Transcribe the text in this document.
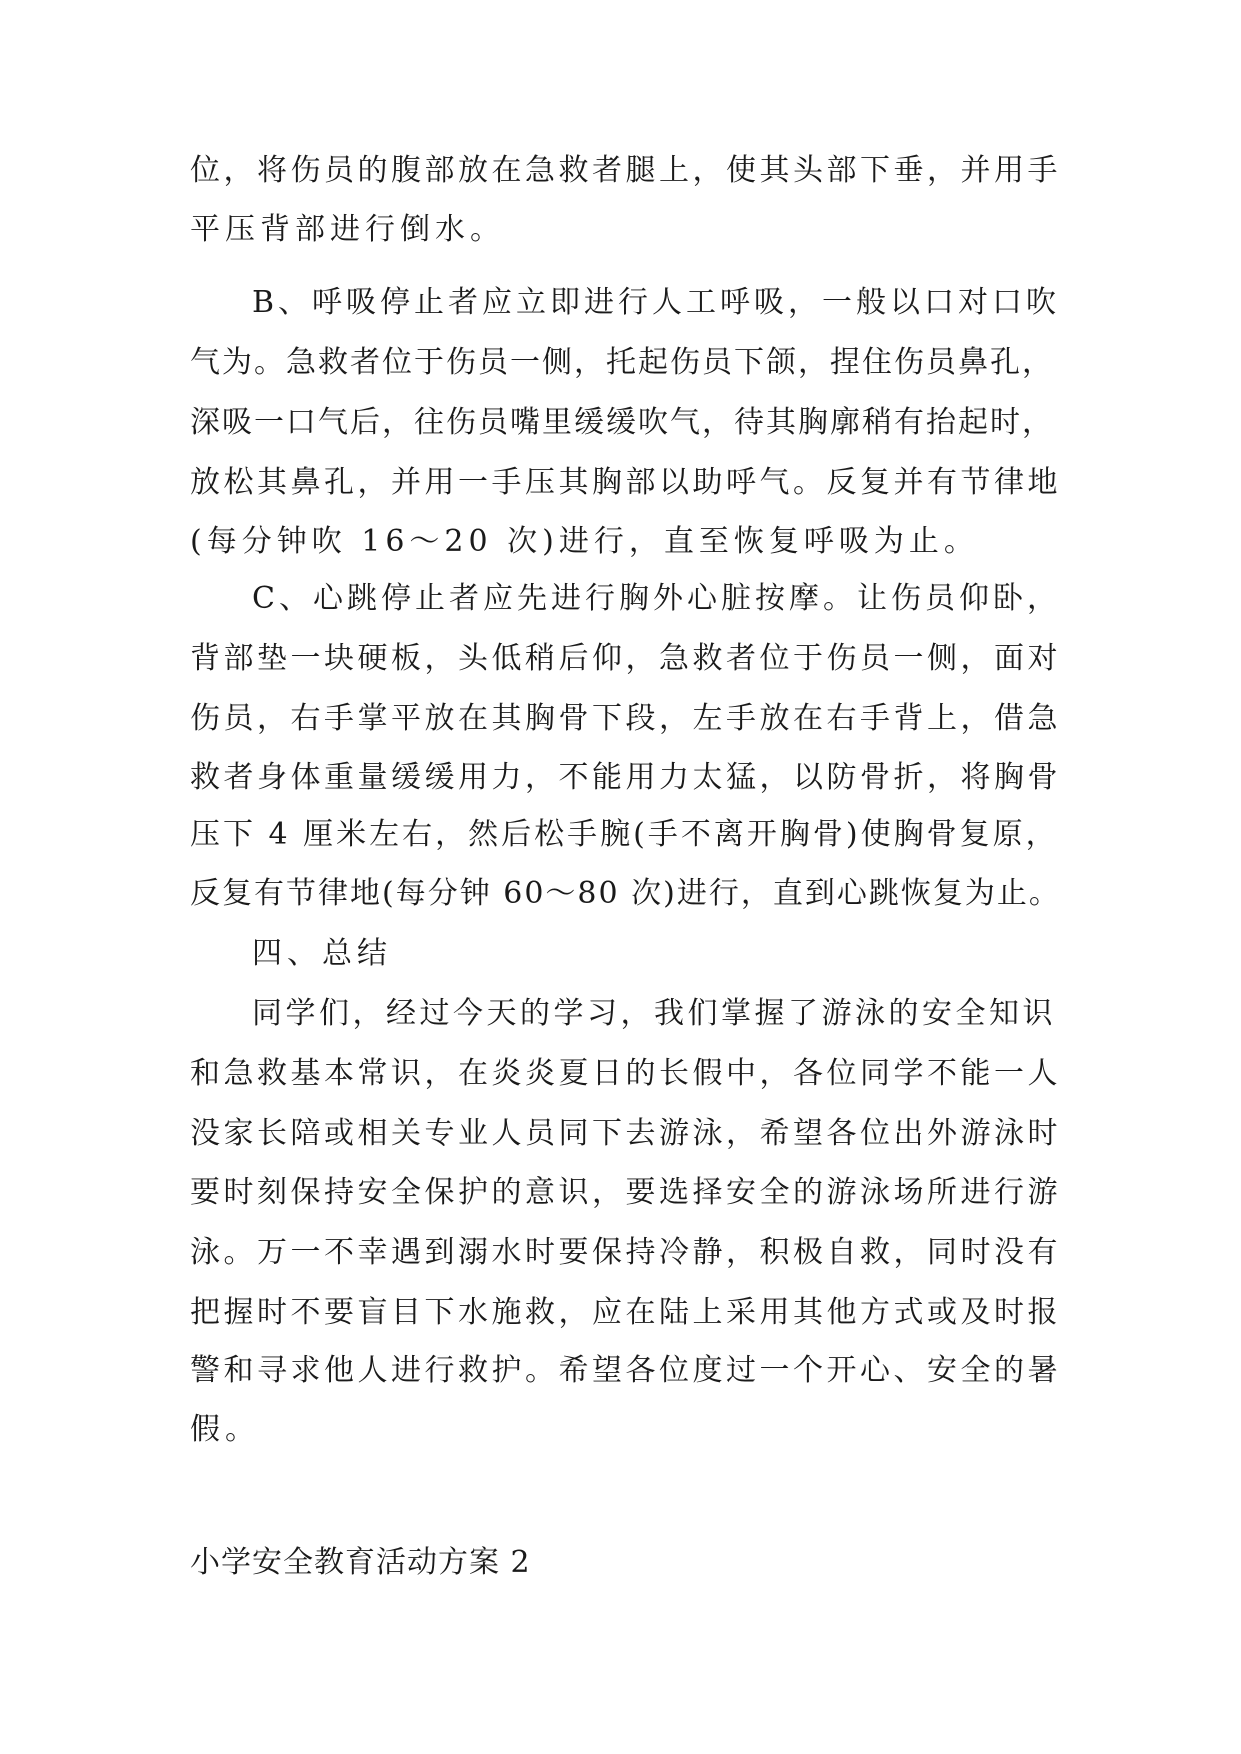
位，将伤员的腹部放在急救者腿上，使其头部下垂，并用手
平压背部进行倒水。
B、呼吸停止者应立即进行人工呼吸，一般以口对口吹
气为。急救者位于伤员一侧，托起伤员下颌，捏住伤员鼻孔，
深吸一口气后，往伤员嘴里缓缓吹气，待其胸廓稍有抬起时，
放松其鼻孔，并用一手压其胸部以助呼气。反复并有节律地
(每分钟吹 16～20 次)进行，直至恢复呼吸为止。
C、心跳停止者应先进行胸外心脏按摩。让伤员仰卧，
背部垫一块硬板，头低稍后仰，急救者位于伤员一侧，面对
伤员，右手掌平放在其胸骨下段，左手放在右手背上，借急
救者身体重量缓缓用力，不能用力太猛，以防骨折，将胸骨
压下 4 厘米左右，然后松手腕(手不离开胸骨)使胸骨复原，
反复有节律地(每分钟 60～80 次)进行，直到心跳恢复为止。
四、总结
同学们，经过今天的学习，我们掌握了游泳的安全知识
和急救基本常识，在炎炎夏日的长假中，各位同学不能一人
没家长陪或相关专业人员同下去游泳，希望各位出外游泳时
要时刻保持安全保护的意识，要选择安全的游泳场所进行游
泳。万一不幸遇到溺水时要保持冷静，积极自救，同时没有
把握时不要盲目下水施救，应在陆上采用其他方式或及时报
警和寻求他人进行救护。希望各位度过一个开心、安全的暑
假。
小学安全教育活动方案 2
